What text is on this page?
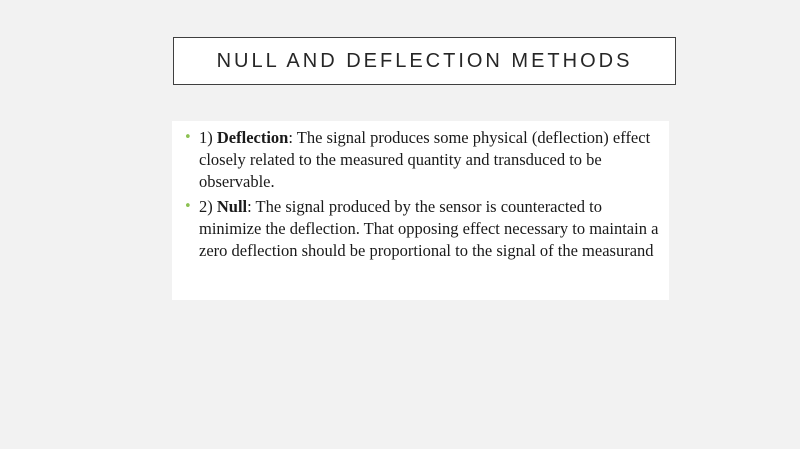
NULL AND DEFLECTION METHODS
• 1) Deflection: The signal produces some physical (deflection) effect closely related to the measured quantity and transduced to be observable.
• 2) Null: The signal produced by the sensor is counteracted to minimize the deflection. That opposing effect necessary to maintain a zero deflection should be proportional to the signal of the measurand
